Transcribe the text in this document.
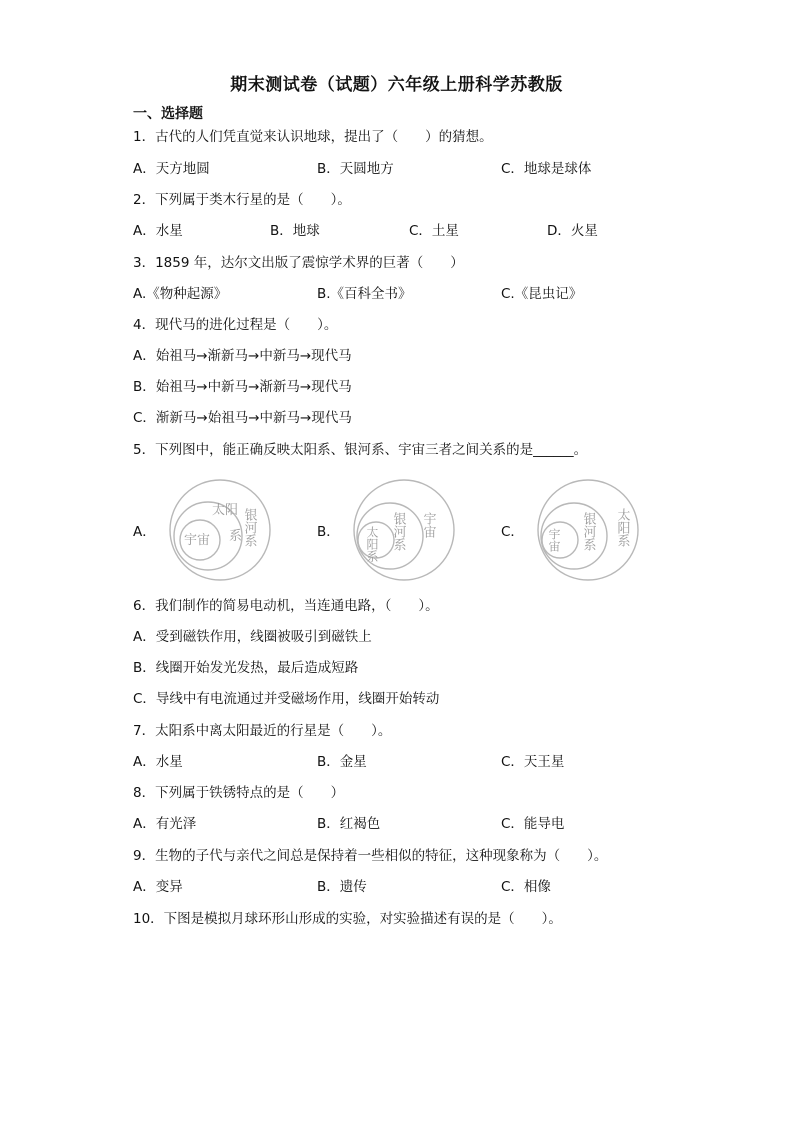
期末测试卷（试题）六年级上册科学苏教版
一、选择题
1．古代的人们凭直觉来认识地球，提出了（　　）的猜想。
A．天方地圆	B．天圆地方	C．地球是球体
2．下列属于类木行星的是（　　）。
A．水星	B．地球	C．土星	D．火星
3．1859 年，达尔文出版了震惊学术界的巨著（　　）
A.《物种起源》	B.《百科全书》	C.《昆虫记》
4．现代马的进化过程是（　　）。
A．始祖马→渐新马→中新马→现代马
B．始祖马→中新马→渐新马→现代马
C．渐新马→始祖马→中新马→现代马
5．下列图中，能正确反映太阳系、银河系、宇宙三者之间关系的是______。
A．	B．	C．
太阳
系
宇宙 银河系	宇宙
银河系
太阳系	太阳系
银河系
宇宙
6．我们制作的简易电动机，当连通电路，（　　）。
A．受到磁铁作用，线圈被吸引到磁铁上
B．线圈开始发光发热，最后造成短路
C．导线中有电流通过并受磁场作用，线圈开始转动
7．太阳系中离太阳最近的行星是（　　）。
A．水星	B．金星	C．天王星
8．下列属于铁锈特点的是（　　）
A．有光泽	B．红褐色	C．能导电
9．生物的子代与亲代之间总是保持着一些相似的特征，这种现象称为（　　）。
A．变异	B．遗传	C．相像
10．下图是模拟月球环形山形成的实验，对实验描述有误的是（　　）。
